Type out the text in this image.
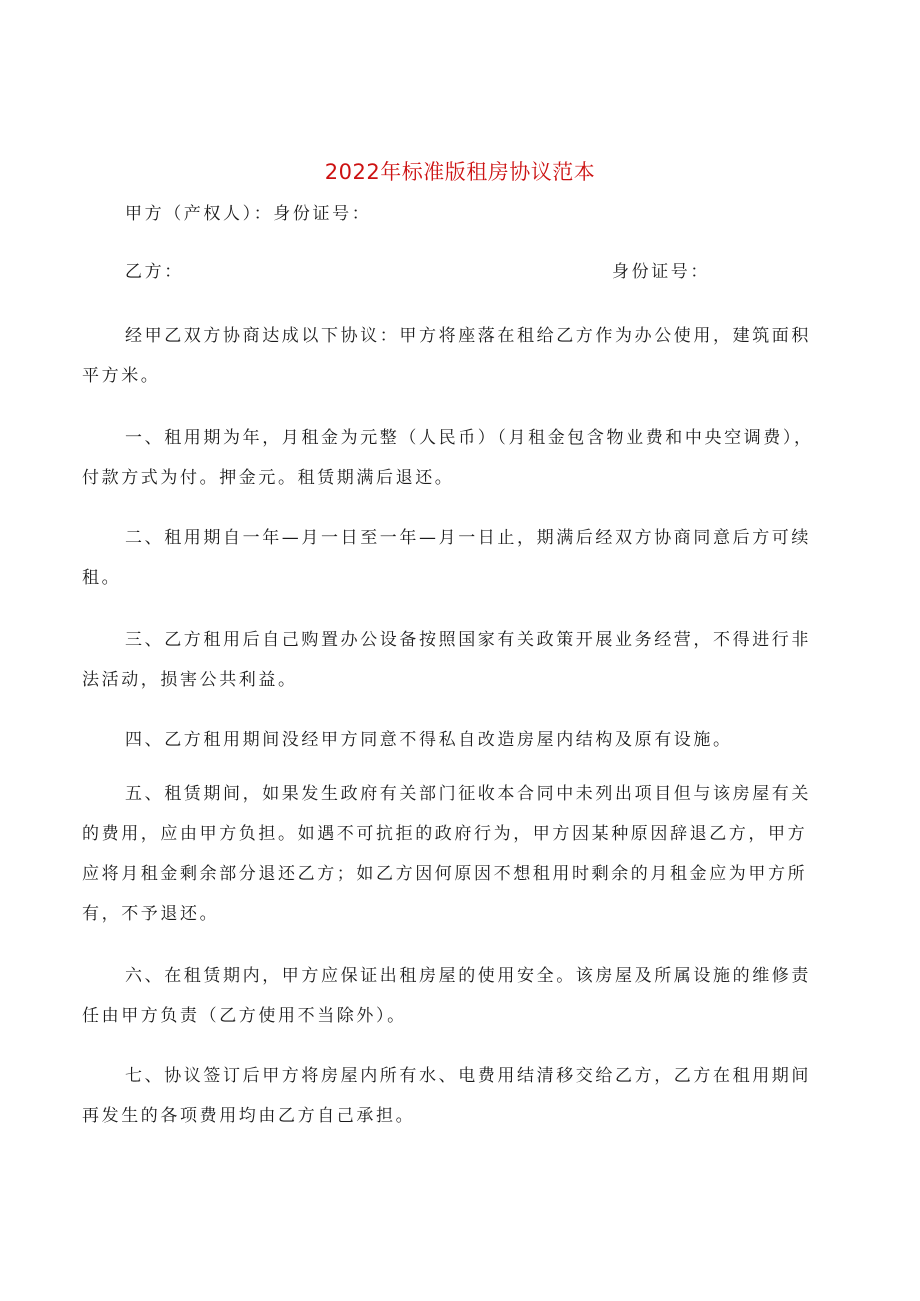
2022年标准版租房协议范本
甲方（产权人）：身份证号：
乙方：	身份证号：
经甲乙双方协商达成以下协议：甲方将座落在租给乙方作为办公使用，建筑面积
平方米。
一、租用期为年，月租金为元整（人民币）（月租金包含物业费和中央空调费），
付款方式为付。押金元。租赁期满后退还。
二、租用期自一年—月一日至一年—月一日止，期满后经双方协商同意后方可续
租。
三、乙方租用后自己购置办公设备按照国家有关政策开展业务经营，不得进行非
法活动，损害公共利益。
四、乙方租用期间没经甲方同意不得私自改造房屋内结构及原有设施。
五、租赁期间，如果发生政府有关部门征收本合同中未列出项目但与该房屋有关
的费用，应由甲方负担。如遇不可抗拒的政府行为，甲方因某种原因辞退乙方，甲方
应将月租金剩余部分退还乙方；如乙方因何原因不想租用时剩余的月租金应为甲方所
有，不予退还。
六、在租赁期内，甲方应保证出租房屋的使用安全。该房屋及所属设施的维修责
任由甲方负责（乙方使用不当除外）。
七、协议签订后甲方将房屋内所有水、电费用结清移交给乙方，乙方在租用期间
再发生的各项费用均由乙方自己承担。
